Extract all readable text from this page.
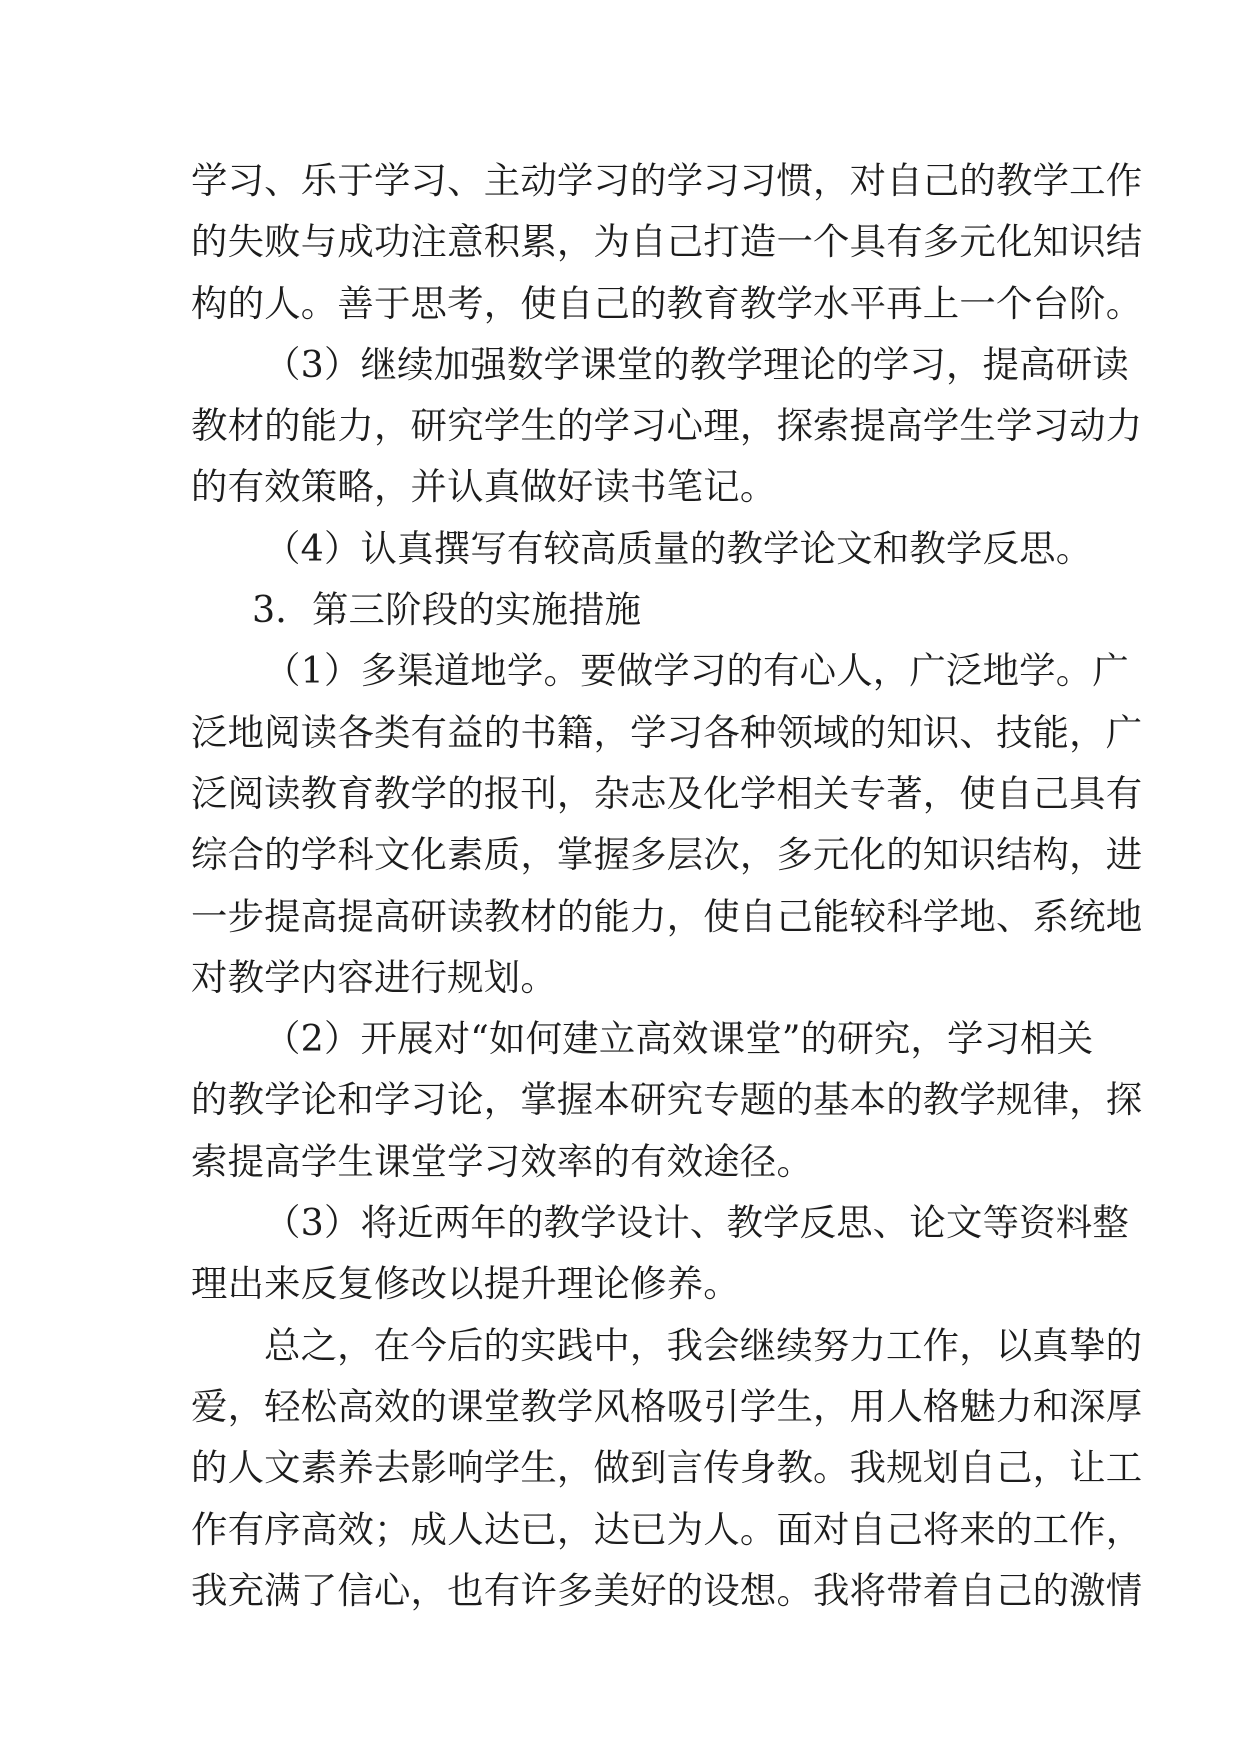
学习、乐于学习、主动学习的学习习惯，对自己的教学工作
的失败与成功注意积累，为自己打造一个具有多元化知识结
构的人。善于思考，使自己的教育教学水平再上一个台阶。
（3）继续加强数学课堂的教学理论的学习，提高研读
教材的能力，研究学生的学习心理，探索提高学生学习动力
的有效策略，并认真做好读书笔记。
（4）认真撰写有较高质量的教学论文和教学反思。
3．第三阶段的实施措施
（1）多渠道地学。要做学习的有心人，广泛地学。广
泛地阅读各类有益的书籍，学习各种领域的知识、技能，广
泛阅读教育教学的报刊，杂志及化学相关专著，使自己具有
综合的学科文化素质，掌握多层次，多元化的知识结构，进
一步提高提高研读教材的能力，使自己能较科学地、系统地
对教学内容进行规划。
（2）开展对“如何建立高效课堂”的研究，学习相关
的教学论和学习论，掌握本研究专题的基本的教学规律，探
索提高学生课堂学习效率的有效途径。
（3）将近两年的教学设计、教学反思、论文等资料整
理出来反复修改以提升理论修养。
总之，在今后的实践中，我会继续努力工作，以真挚的
爱，轻松高效的课堂教学风格吸引学生，用人格魅力和深厚
的人文素养去影响学生，做到言传身教。我规划自己，让工
作有序高效；成人达已，达已为人。面对自己将来的工作，
我充满了信心，也有许多美好的设想。我将带着自己的激情
